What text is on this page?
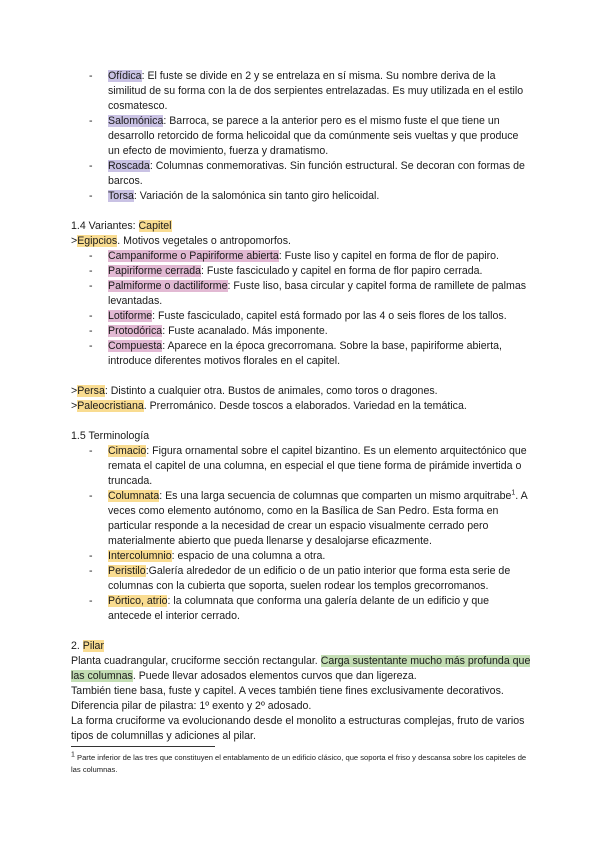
- Ofídica: El fuste se divide en 2 y se entrelaza en sí misma. Su nombre deriva de la similitud de su forma con la de dos serpientes entrelazadas. Es muy utilizada en el estilo cosmatesco.
- Salomónica: Barroca, se parece a la anterior pero es el mismo fuste el que tiene un desarrollo retorcido de forma helicoidal que da comúnmente seis vueltas y que produce un efecto de movimiento, fuerza y dramatismo.
- Roscada: Columnas conmemorativas. Sin función estructural. Se decoran con formas de barcos.
- Torsa: Variación de la salomónica sin tanto giro helicoidal.

1.4 Variantes: Capitel

>Egipcios. Motivos vegetales o antropomorfos.

- Campaniforme o Papiriforme abierta: Fuste liso y capitel en forma de flor de papiro.
- Papiriforme cerrada: Fuste fasciculado y capitel en forma de flor papiro cerrada.
- Palmiforme o dactiliforme: Fuste liso, basa circular y capitel forma de ramillete de palmas levantadas.
- Lotiforme: Fuste fasciculado, capitel está formado por las 4 o seis flores de los tallos.
- Protodórica: Fuste acanalado. Más imponente.
- Compuesta: Aparece en la época grecorromana. Sobre la base, papiriforme abierta, introduce diferentes motivos florales en el capitel.

>Persa: Distinto a cualquier otra. Bustos de animales, como toros o dragones.

>Paleocristiana. Prerrománico. Desde toscos a elaborados. Variedad en la temática.

1.5 Terminología

- Cimacio: Figura ornamental sobre el capitel bizantino. Es un elemento arquitectónico que remata el capitel de una columna, en especial el que tiene forma de pirámide invertida o truncada.
- Columnata: Es una larga secuencia de columnas que comparten un mismo arquitrabe$^1$. A veces como elemento autónomo, como en la Basílica de San Pedro. Esta forma en particular responde a la necesidad de crear un espacio visualmente cerrado pero materialmente abierto que pueda llenarse y desalojarse eficazmente.
- Intercolumnio: espacio de una columna a otra.
- Peristilo:Galería alrededor de un edificio o de un patio interior que forma esta serie de columnas con la cubierta que soporta, suelen rodear los templos grecorromanos.
- Pórtico, atrio: la columnata que conforma una galería delante de un edificio y que antecede el interior cerrado.

2. Pilar

Planta cuadrangular, cruciforme sección rectangular. Carga sustentante mucho más profunda que las columnas. Puede llevar adosados elementos curvos que dan ligereza.

También tiene basa, fuste y capitel. A veces también tiene fines exclusivamente decorativos.

Diferencia pilar de pilastra: 1º exento y 2º adosado.

La forma cruciforme va evolucionando desde el monolito a estructuras complejas, fruto de varios tipos de columnillas y adiciones al pilar.

$^1$ Parte inferior de las tres que constituyen el entablamento de un edificio clásico, que soporta el friso y descansa sobre los capiteles de las columnas.
